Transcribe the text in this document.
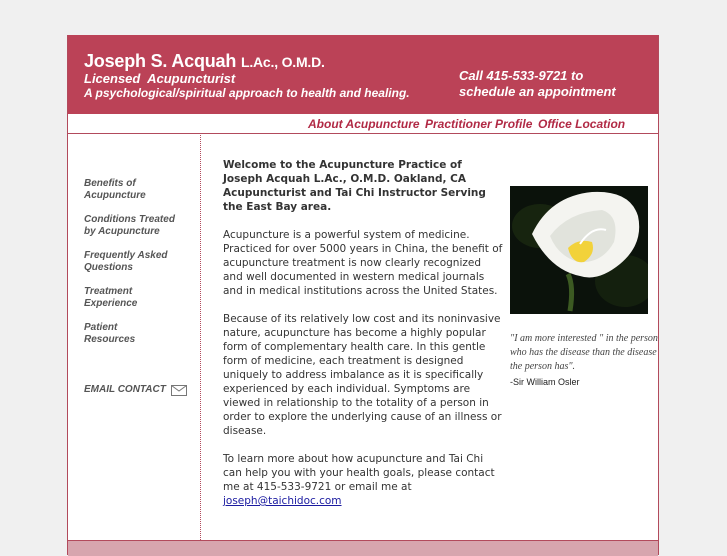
Joseph S. Acquah L.Ac., O.M.D.
Licensed  Acupuncturist
A psychological/spiritual approach to health and healing.
Call 415-533-9721 to
schedule an appointment
About Acupuncture Practitioner Profile Office Location
Benefits of
Acupuncture
Conditions Treated
by Acupuncture
Frequently Asked
Questions
Treatment
Experience
Patient
Resources
EMAIL CONTACT

Welcome to the Acupuncture Practice of Joseph Acquah L.Ac., O.M.D. Oakland, CA Acupuncturist and Tai Chi Instructor Serving the East Bay area.

Acupuncture is a powerful system of medicine. Practiced for over 5000 years in China, the benefit of acupuncture treatment is now clearly recognized and well documented in western medical journals and in medical institutions across the United States.

Because of its relatively low cost and its noninvasive nature, acupuncture has become a highly popular form of complementary health care. In this gentle form of medicine, each treatment is designed uniquely to address imbalance as it is specifically experienced by each individual. Symptoms are viewed in relationship to the totality of a person in order to explore the underlying cause of an illness or disease.

To learn more about how acupuncture and Tai Chi can help you with your health goals, please contact me at 415-533-9721 or email me at joseph@taichidoc.com

"I am more interested " in the person who has the disease than the disease the person has".
-Sir William Osler
